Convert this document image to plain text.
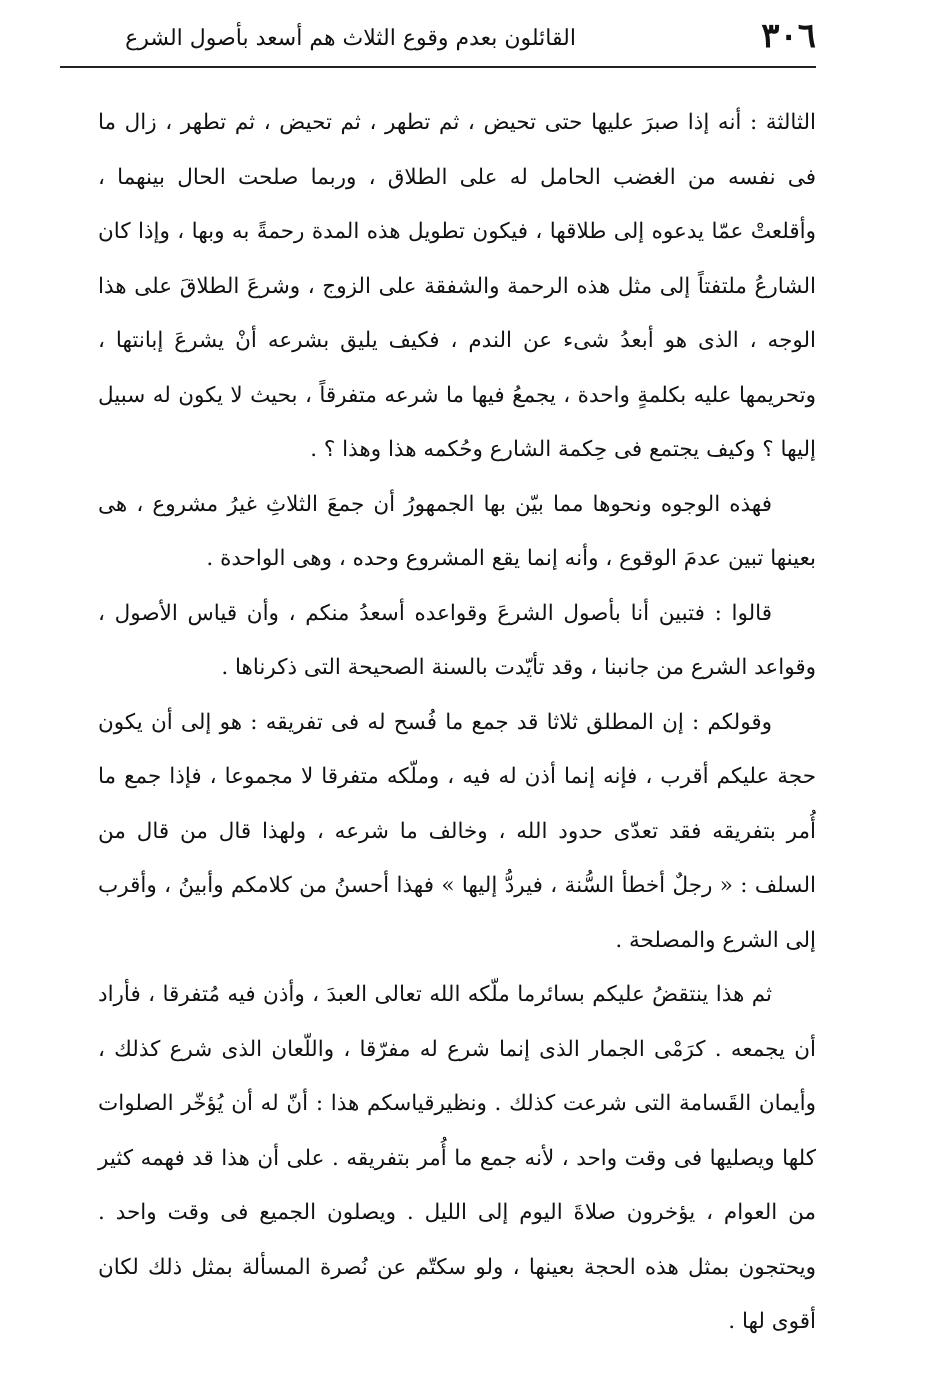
٣٠٦
القائلون بعدم وقوع الثلاث هم أسعد بأصول الشرع

الثالثة : أنه إذا صبرَ عليها حتى تحيض ، ثم تطهر ، ثم تحيض ، ثم تطهر ، زال ما فى نفسه من الغضب الحامل له على الطلاق ، وربما صلحت الحال بينهما ، وأقلعتْ عمّا يدعوه إلى طلاقها ، فيكون تطويل هذه المدة رحمةً به وبها ، وإذا كان الشارعُ ملتفتاً إلى مثل هذه الرحمة والشفقة على الزوج ، وشرعَ الطلاقَ على هذا الوجه ، الذى هو أبعدُ شىء عن الندم ، فكيف يليق بشرعه أنْ يشرعَ إبانتها ، وتحريمها عليه بكلمةٍ واحدة ، يجمعُ فيها ما شرعه متفرقاً ، بحيث لا يكون له سبيل إليها ؟ وكيف يجتمع فى حِكمة الشارع وحُكمه هذا وهذا ؟ .

فهذه الوجوه ونحوها مما بيّن بها الجمهورُ أن جمعَ الثلاثِ غيرُ مشروع ، هى بعينها تبين عدمَ الوقوع ، وأنه إنما يقع المشروع وحده ، وهى الواحدة .

قالوا : فتبين أنا بأصول الشرعَ وقواعده أسعدُ منكم ، وأن قياس الأصول ، وقواعد الشرع من جانبنا ، وقد تأيّدت بالسنة الصحيحة التى ذكرناها .

وقولكم : إن المطلق ثلاثا قد جمع ما فُسح له فى تفريقه : هو إلى أن يكون حجة عليكم أقرب ، فإنه إنما أذن له فيه ، وملّكه متفرقا لا مجموعا ، فإذا جمع ما أُمر بتفريقه فقد تعدّى حدود الله ، وخالف ما شرعه ، ولهذا قال من قال من السلف : « رجلٌ أخطأ السُّنة ، فيردُّ إليها » فهذا أحسنُ من كلامكم وأبينُ ، وأقرب إلى الشرع والمصلحة .

ثم هذا ينتقضُ عليكم بسائرما ملّكه الله تعالى العبدَ ، وأذن فيه مُتفرقا ، فأراد أن يجمعه . كرَمْى الجمار الذى إنما شرع له مفرّقا ، واللّعان الذى شرع كذلك ، وأيمان القَسامة التى شرعت كذلك . ونظيرقياسكم هذا : أنّ له أن يُؤخّر الصلوات كلها ويصليها فى وقت واحد ، لأنه جمع ما أُمر بتفريقه . على أن هذا قد فهمه كثير من العوام ، يؤخرون صلاةَ اليوم إلى الليل . ويصلون الجميع فى وقت واحد . ويحتجون بمثل هذه الحجة بعينها ، ولو سكتّم عن نُصرة المسألة بمثل ذلك لكان أقوى لها .
